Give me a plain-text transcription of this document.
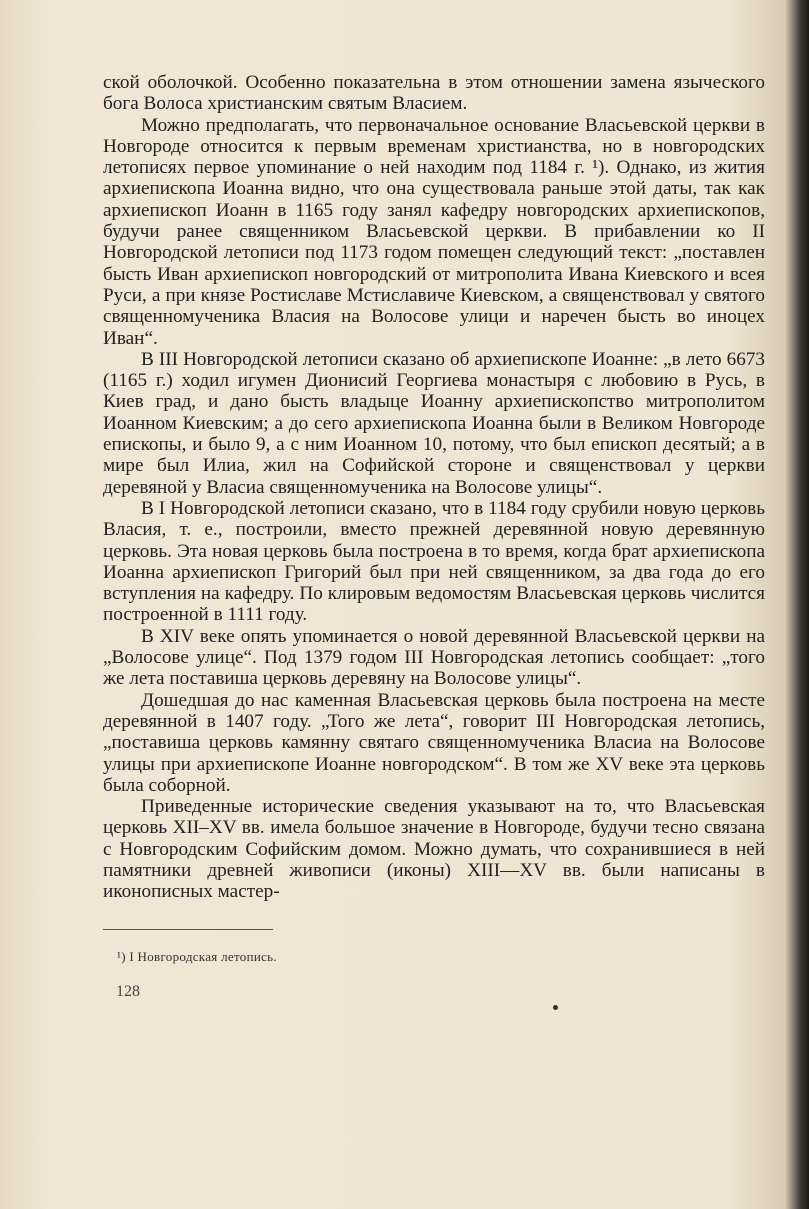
ской оболочкой. Особенно показательна в этом отношении замена языческого бога Волоса христианским святым Власием.

Можно предполагать, что первоначальное основание Власьевской церкви в Новгороде относится к первым временам христианства, но в новгородских летописях первое упоминание о ней находим под 1184 г. ¹). Однако, из жития архиепископа Иоанна видно, что она существовала раньше этой даты, так как архиепископ Иоанн в 1165 году занял кафедру новгородских архиепископов, будучи ранее священником Власьевской церкви. В прибавлении ко II Новгородской летописи под 1173 годом помещен следующий текст: „поставлен бысть Иван архиепископ новгородский от митрополита Ивана Киевского и всея Руси, а при князе Ростиславе Мстиславиче Киевском, а священствовал у святого священномученика Власия на Волосове улици и наречен бысть во иноцех Иван“.

В III Новгородской летописи сказано об архиепископе Иоанне: „в лето 6673 (1165 г.) ходил игумен Дионисий Георгиева монастыря с любовию в Русь, в Киев град, и дано бысть владыце Иоанну архиепископство митрополитом Иоанном Киевским; а до сего архиепископа Иоанна были в Великом Новгороде епископы, и было 9, а с ним Иоанном 10, потому, что был епископ десятый; а в мире был Илиа, жил на Софийской стороне и священствовал у церкви деревяной у Власиа священномученика на Волосове улицы“.

В I Новгородской летописи сказано, что в 1184 году срубили новую церковь Власия, т. е., построили, вместо прежней деревянной новую деревянную церковь. Эта новая церковь была построена в то время, когда брат архиепископа Иоанна архиепископ Григорий был при ней священником, за два года до его вступления на кафедру. По клировым ведомостям Власьевская церковь числится построенной в 1111 году.

В XIV веке опять упоминается о новой деревянной Власьевской церкви на „Волосове улице“. Под 1379 годом III Новгородская летопись сообщает: „того же лета поставиша церковь деревяну на Волосове улицы“.

Дошедшая до нас каменная Власьевская церковь была построена на месте деревянной в 1407 году. „Того же лета“, говорит III Новгородская летопись, „поставиша церковь камянну святаго священномученика Власиа на Волосове улицы при архиепископе Иоанне новгородском“. В том же XV веке эта церковь была соборной.

Приведенные исторические сведения указывают на то, что Власьевская церковь XII–XV вв. имела большое значение в Новгороде, будучи тесно связана с Новгородским Софийским домом. Можно думать, что сохранившиеся в ней памятники древней живописи (иконы) XIII—XV вв. были написаны в иконописных мастер-

¹) I Новгородская летопись.
128
